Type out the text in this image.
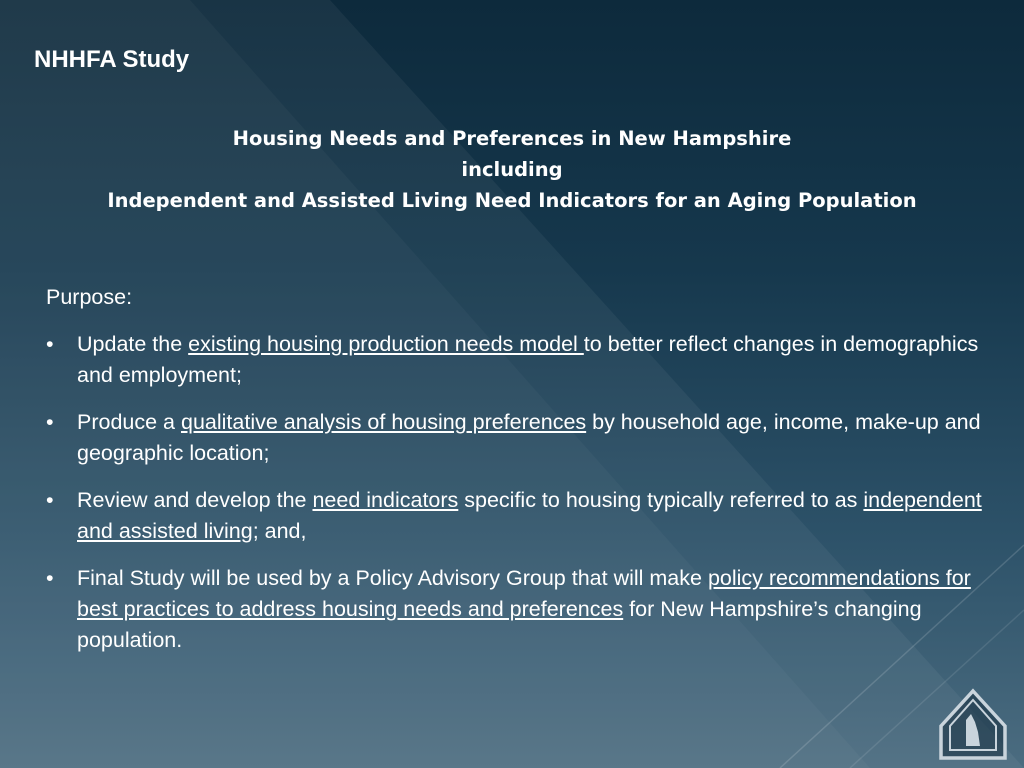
NHHFA Study
Housing Needs and Preferences in New Hampshire
including
Independent and Assisted Living Need Indicators for an Aging Population
Purpose:
• Update the existing housing production needs model to better reflect changes in demographics and employment;
• Produce a qualitative analysis of housing preferences by household age, income, make-up and geographic location;
• Review and develop the need indicators specific to housing typically referred to as independent and assisted living; and,
• Final Study will be used by a Policy Advisory Group that will make policy recommendations for best practices to address housing needs and preferences for New Hampshire’s changing population.
